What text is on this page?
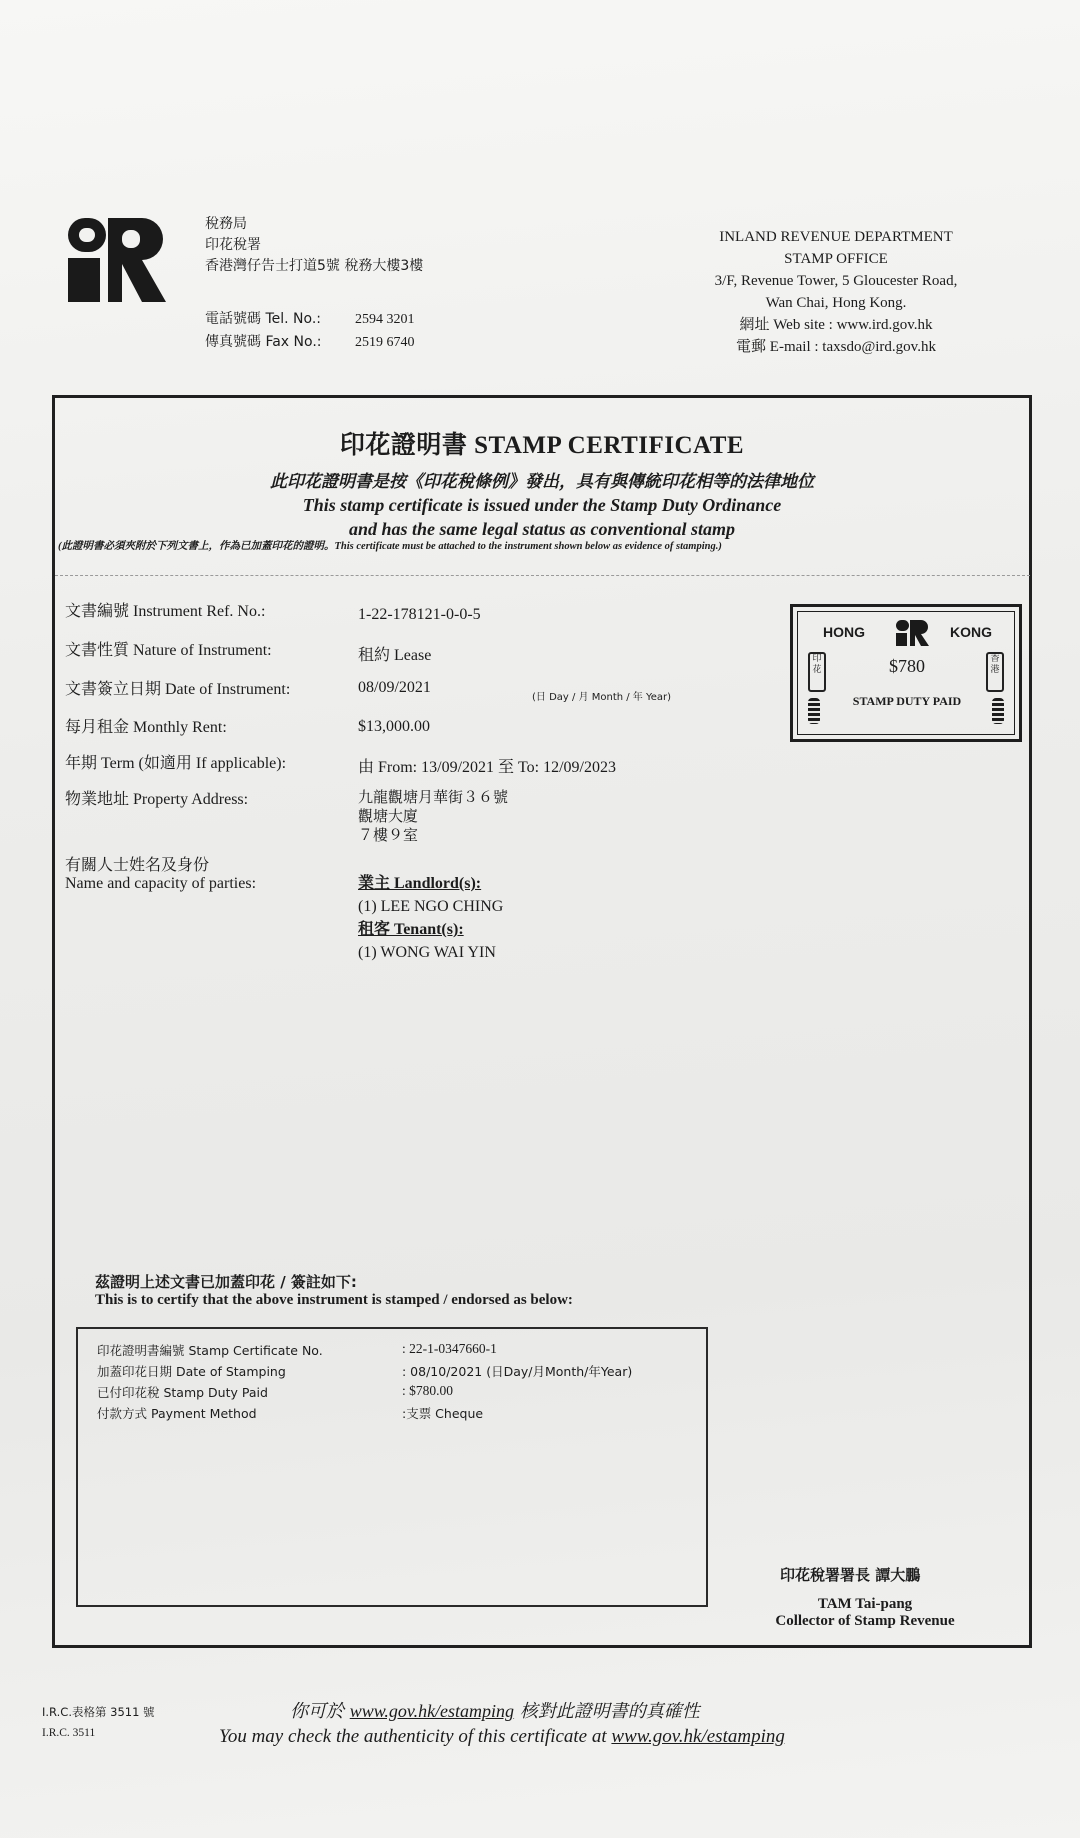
稅務局
印花稅署
香港灣仔告士打道5號 稅務大樓3樓
電話號碼 Tel. No.: 2594 3201
傳真號碼 Fax No.: 2519 6740
INLAND REVENUE DEPARTMENT
STAMP OFFICE
3/F, Revenue Tower, 5 Gloucester Road,
Wan Chai, Hong Kong.
網址 Web site : www.ird.gov.hk
電郵 E-mail : taxsdo@ird.gov.hk
印花證明書 STAMP CERTIFICATE
此印花證明書是按《印花稅條例》發出，具有與傳統印花相等的法律地位
This stamp certificate is issued under the Stamp Duty Ordinance
and has the same legal status as conventional stamp
(此證明書必須夾附於下列文書上，作為已加蓋印花的證明。This certificate must be attached to the instrument shown below as evidence of stamping.)
文書編號 Instrument Ref. No.:	1-22-178121-0-0-5
文書性質 Nature of Instrument:	租約 Lease
文書簽立日期 Date of Instrument:	08/09/2021
(日 Day / 月 Month / 年 Year)
每月租金 Monthly Rent:	$13,000.00
年期 Term (如適用 If applicable):	由 From: 13/09/2021 至 To: 12/09/2023
物業地址 Property Address:	九龍觀塘月華街３６號
觀塘大廈
７樓９室
有關人士姓名及身份
Name and capacity of parties:	業主 Landlord(s):
(1) LEE NGO CHING
租客 Tenant(s):
(1) WONG WAI YIN
HONG	KONG
印花
香港
$780
STAMP DUTY PAID
茲證明上述文書已加蓋印花 / 簽註如下:
This is to certify that the above instrument is stamped / endorsed as below:
印花證明書編號 Stamp Certificate No.	: 22-1-0347660-1
加蓋印花日期 Date of Stamping	: 08/10/2021 (日Day/月Month/年Year)
已付印花稅 Stamp Duty Paid	: $780.00
付款方式 Payment Method	:支票 Cheque
印花稅署署長 譚大鵬
TAM Tai-pang
Collector of Stamp Revenue
I.R.C.表格第 3511 號
I.R.C. 3511
你可於 www.gov.hk/estamping 核對此證明書的真確性
You may check the authenticity of this certificate at www.gov.hk/estamping
